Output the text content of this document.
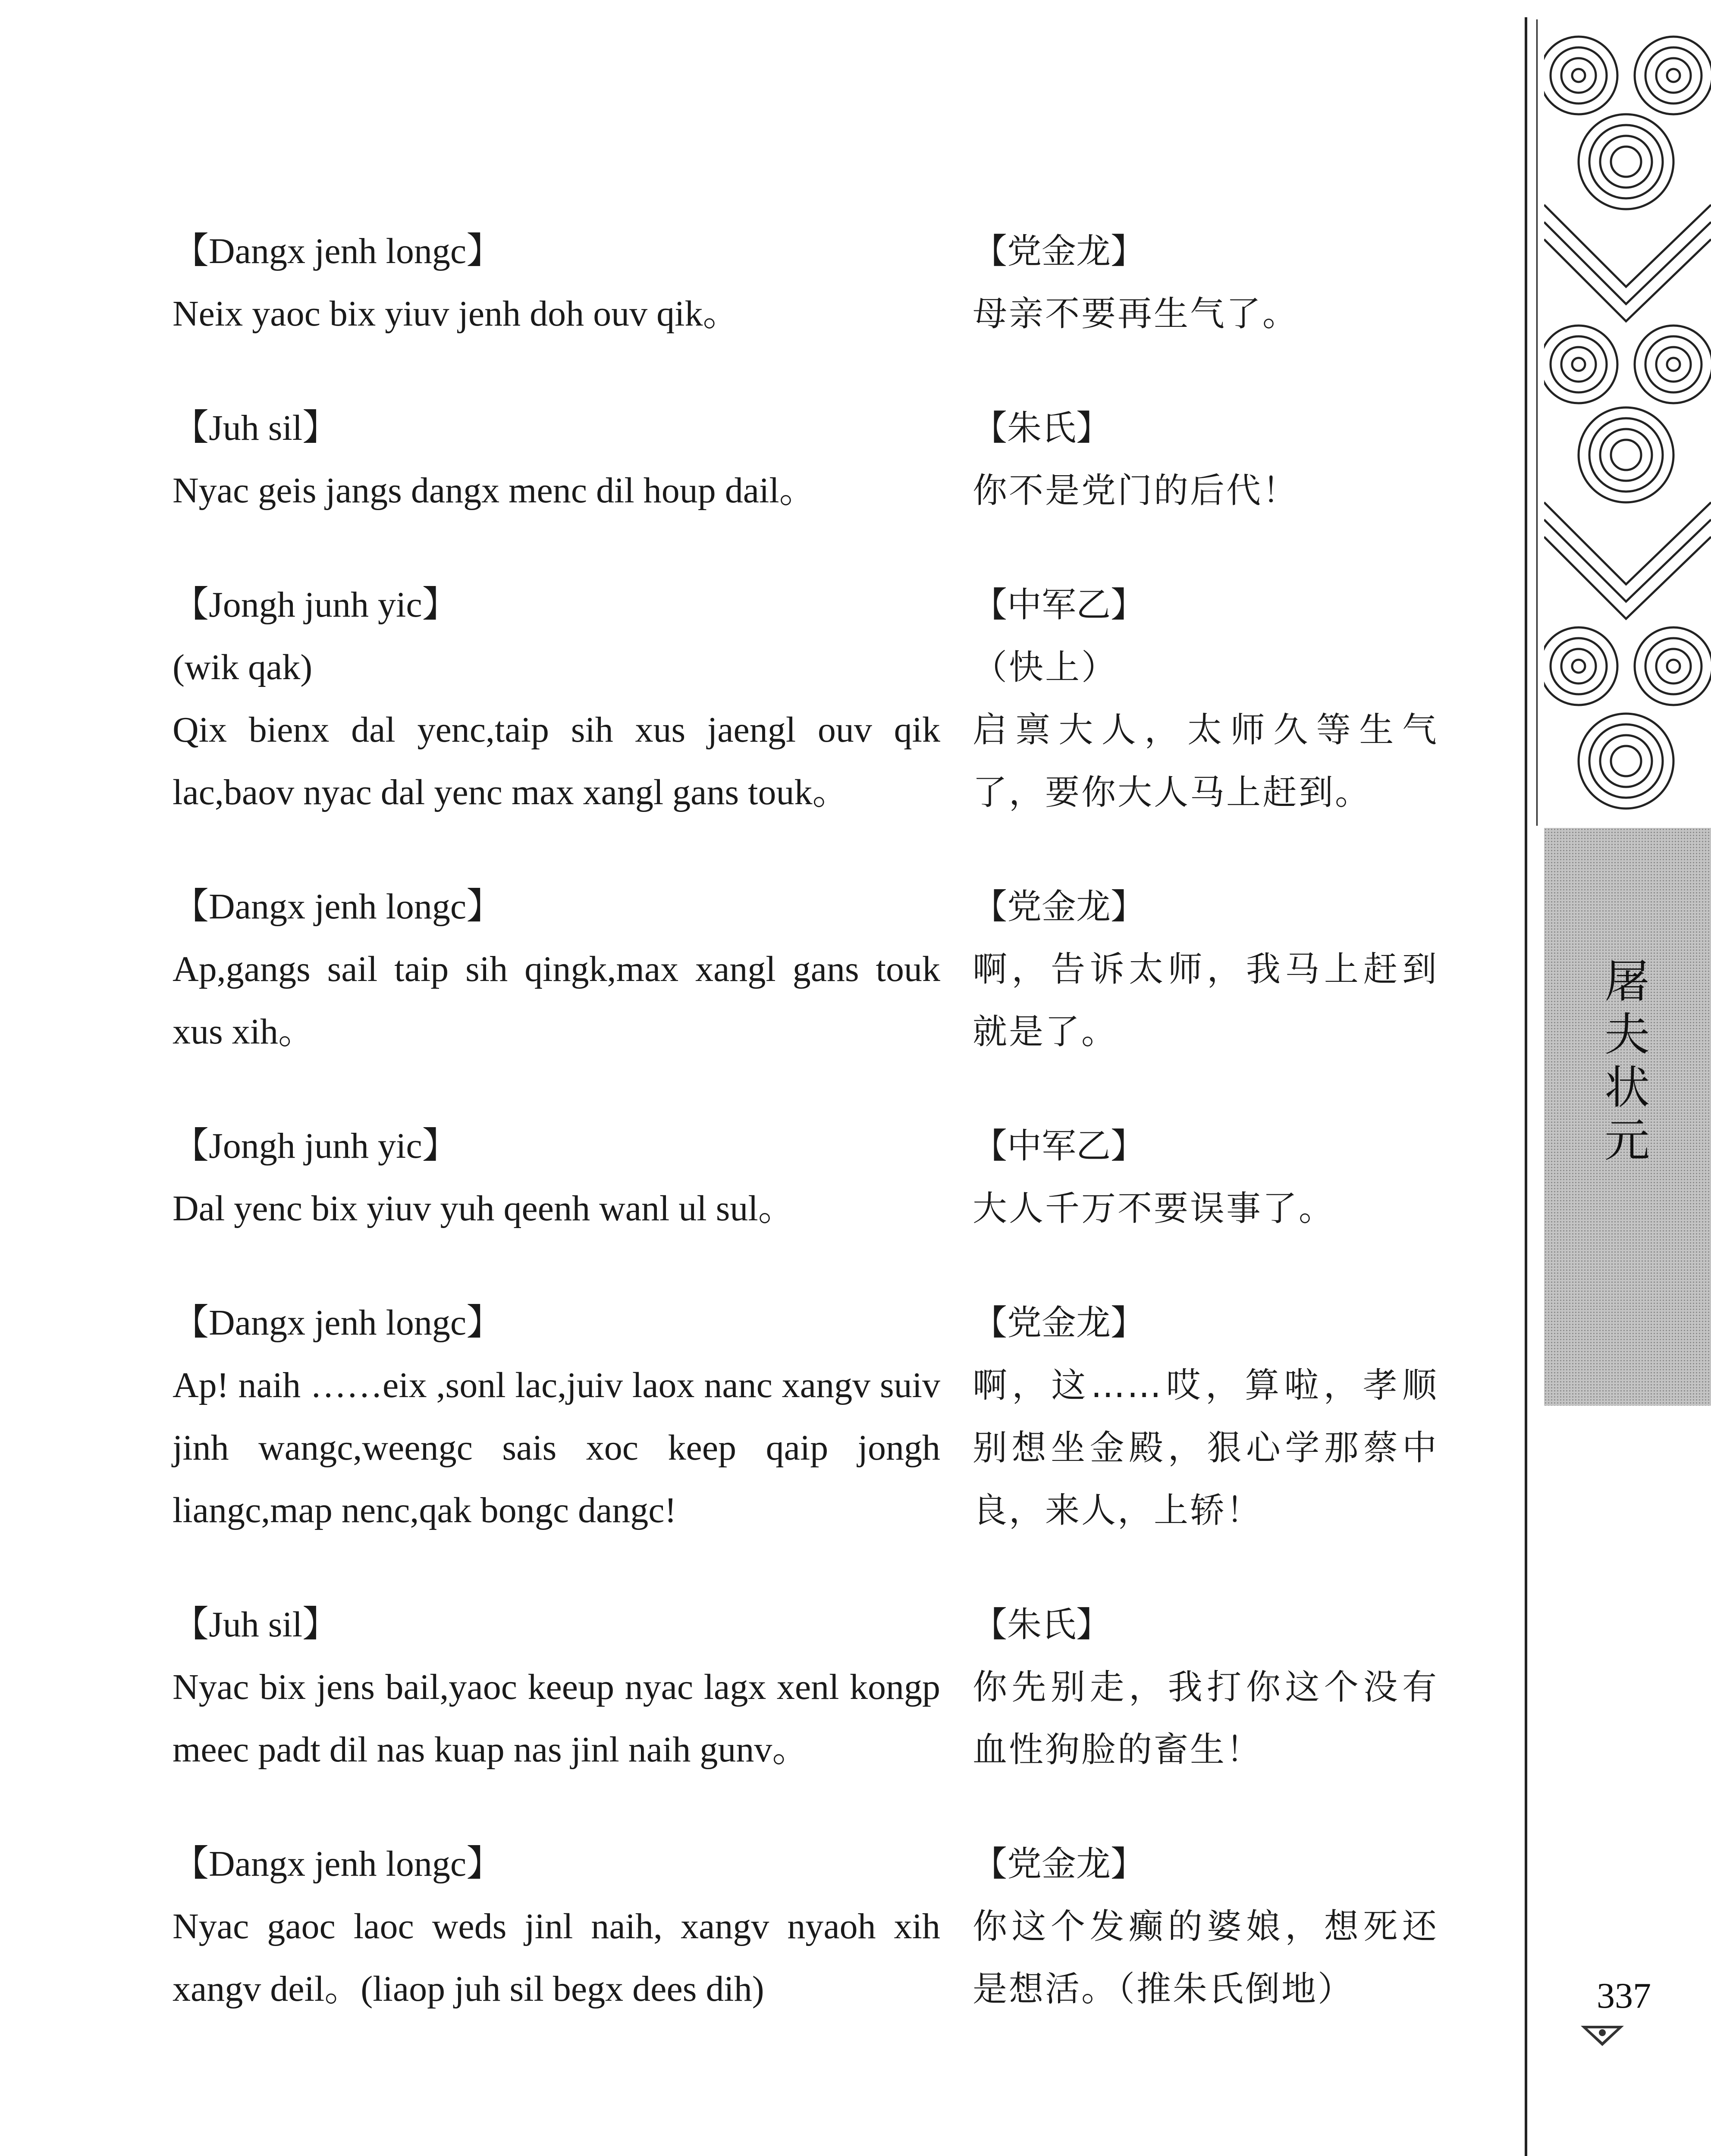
【Dangx jenh longc】
Neix yaoc bix yiuv jenh doh ouv qik。
【Juh sil】
Nyac geis jangs dangx menc dil houp dail。
【Jongh junh yic】
(wik qak)
Qix bienx dal yenc,taip sih xus jaengl ouv qik lac,baov nyac dal yenc max xangl gans touk。
【Dangx jenh longc】
Ap,gangs sail taip sih qingk,max xangl gans touk xus xih。
【Jongh junh yic】
Dal yenc bix yiuv yuh qeenh wanl ul sul。
【Dangx jenh longc】
Ap! naih ……eix ,sonl lac,juiv laox nanc xangv suiv jinh wangc,weengc sais xoc keep qaip jongh liangc,map nenc,qak bongc dangc!
【Juh sil】
Nyac bix jens bail,yaoc keeup nyac lagx xenl kongp meec padt dil nas kuap nas jinl naih gunv。
【Dangx jenh longc】
Nyac gaoc laoc weds jinl naih, xangv nyaoh xih xangv deil。(liaop juh sil begx dees dih)
【党金龙】
母亲不要再生气了。
【朱氏】
你不是党门的后代！
【中军乙】
（快上）
启禀大人，太师久等生气了，要你大人马上赶到。
【党金龙】
啊，告诉太师，我马上赶到就是了。
【中军乙】
大人千万不要误事了。
【党金龙】
啊，这……哎，算啦，孝顺别想坐金殿，狠心学那蔡中良，来人，上轿！
【朱氏】
你先别走，我打你这个没有血性狗脸的畜生！
【党金龙】
你这个发癫的婆娘，想死还是想活。（推朱氏倒地）
屠夫状元
337
